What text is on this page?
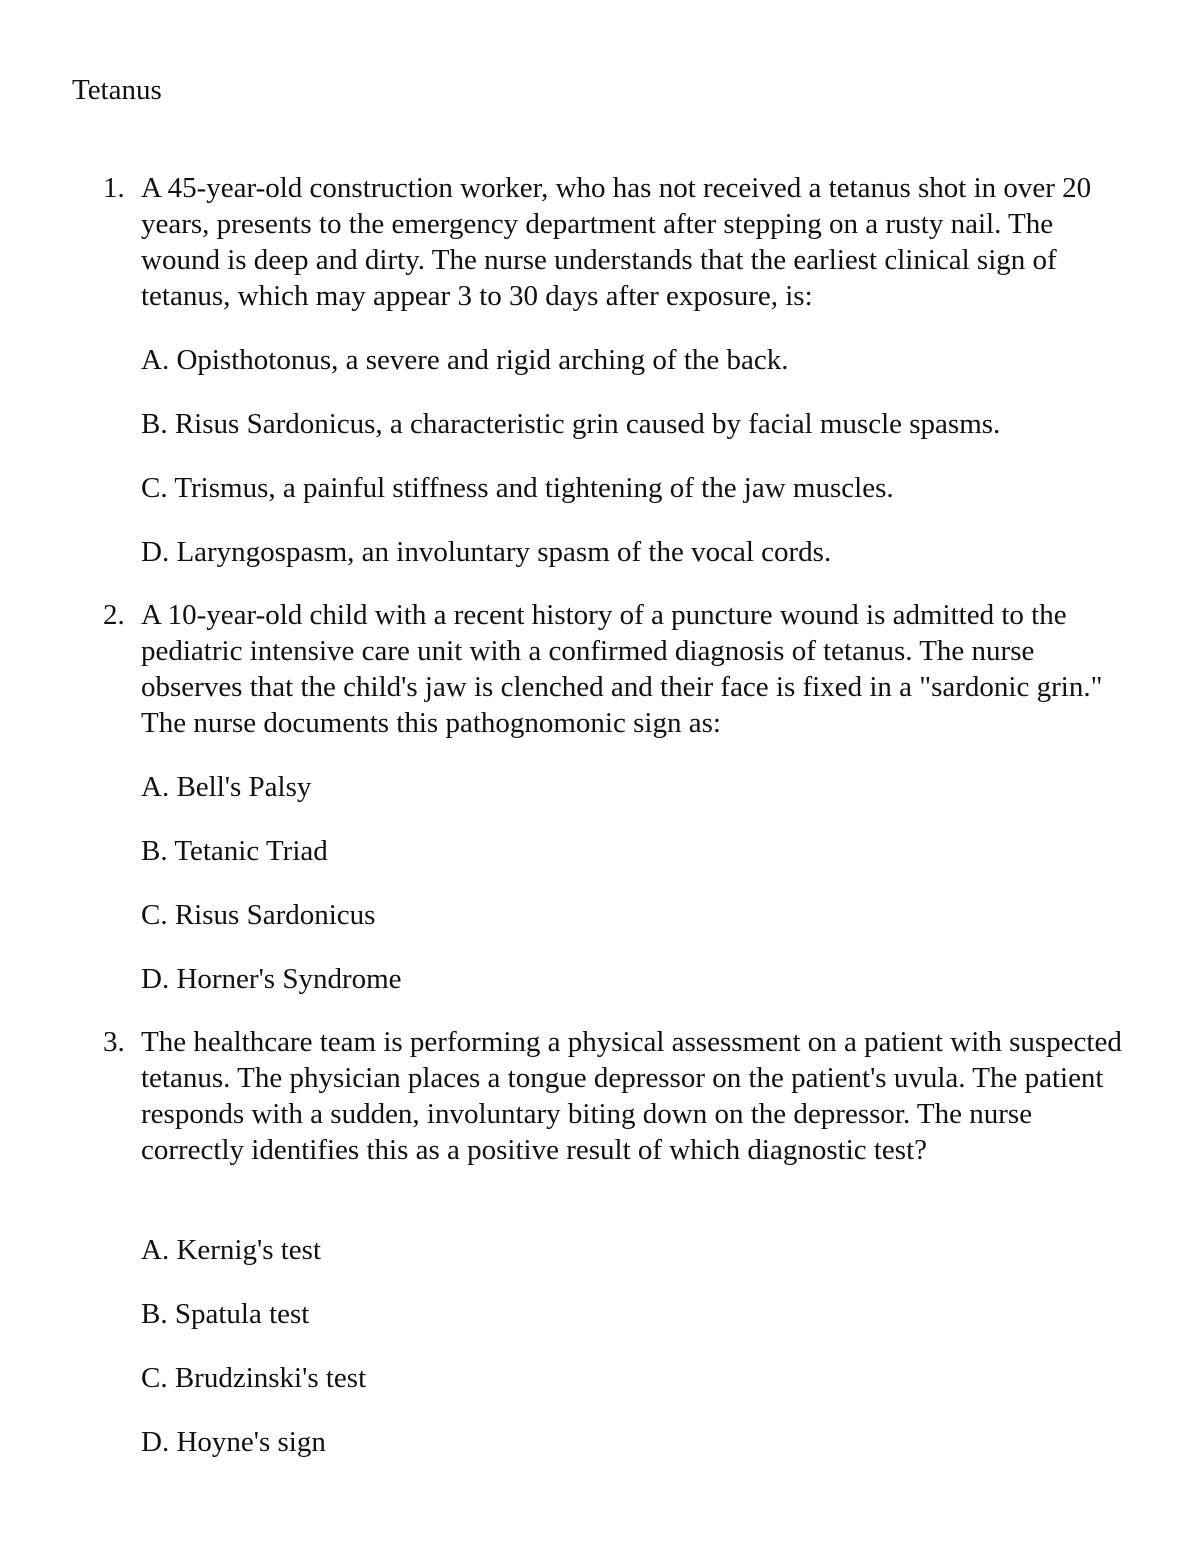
Tetanus
1. A 45-year-old construction worker, who has not received a tetanus shot in over 20 years, presents to the emergency department after stepping on a rusty nail. The wound is deep and dirty. The nurse understands that the earliest clinical sign of tetanus, which may appear 3 to 30 days after exposure, is:

A. Opisthotonus, a severe and rigid arching of the back.
B. Risus Sardonicus, a characteristic grin caused by facial muscle spasms.
C. Trismus, a painful stiffness and tightening of the jaw muscles.
D. Laryngospasm, an involuntary spasm of the vocal cords.
2. A 10-year-old child with a recent history of a puncture wound is admitted to the pediatric intensive care unit with a confirmed diagnosis of tetanus. The nurse observes that the child's jaw is clenched and their face is fixed in a "sardonic grin." The nurse documents this pathognomonic sign as:

A. Bell's Palsy
B. Tetanic Triad
C. Risus Sardonicus
D. Horner's Syndrome
3. The healthcare team is performing a physical assessment on a patient with suspected tetanus. The physician places a tongue depressor on the patient's uvula. The patient responds with a sudden, involuntary biting down on the depressor. The nurse correctly identifies this as a positive result of which diagnostic test?

A. Kernig's test
B. Spatula test
C. Brudzinski's test
D. Hoyne's sign
